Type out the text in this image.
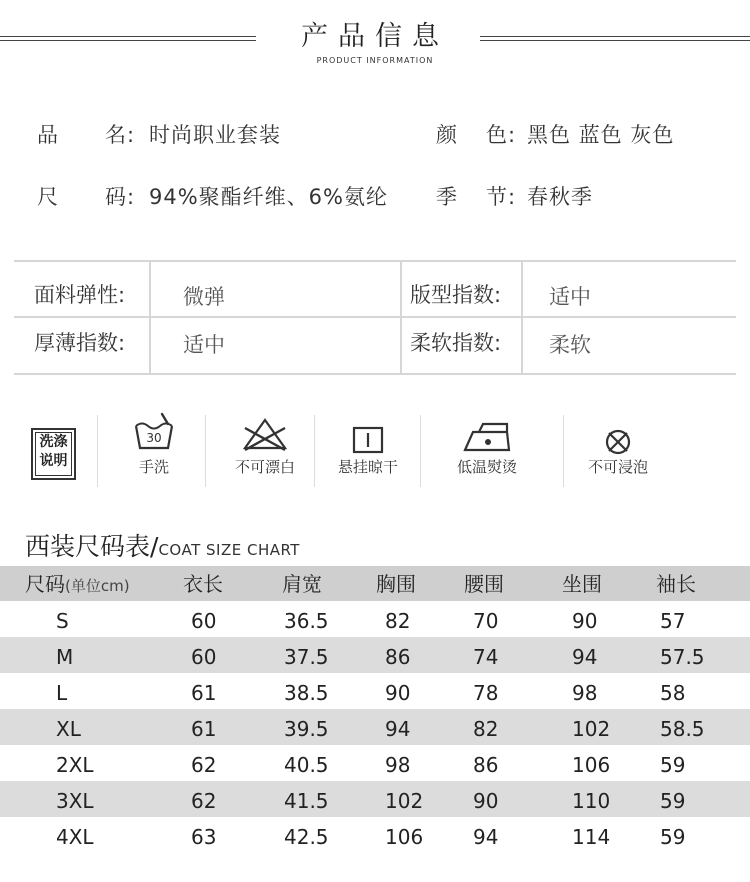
产品信息
PRODUCT INFORMATION
品 名: 时尚职业套装	颜 色: 黑色 蓝色 灰色
尺 码: 94%聚酯纤维、6%氨纶 季 节: 春秋季
面料弹性:	微弹	版型指数: 适中
厚薄指数:	适中	柔软指数: 柔软
洗涤
说明
30
手洗	不可漂白	悬挂晾干	低温熨烫	不可浸泡
西装尺码表/COAT SIZE CHART
尺码(单位cm)	衣长	肩宽	胸围 腰围	坐围	袖长
S	60	36.5	82	70	90	57
M	60	37.5	86	74	94	57.5
L	61	38.5	90	78	98	58
XL	61	39.5	94	82	102 58.5
2XL	62	40.5	98	86	106 59
3XL	62	41.5	102 90	110 59
4XL	63	42.5	106 94	114 59
